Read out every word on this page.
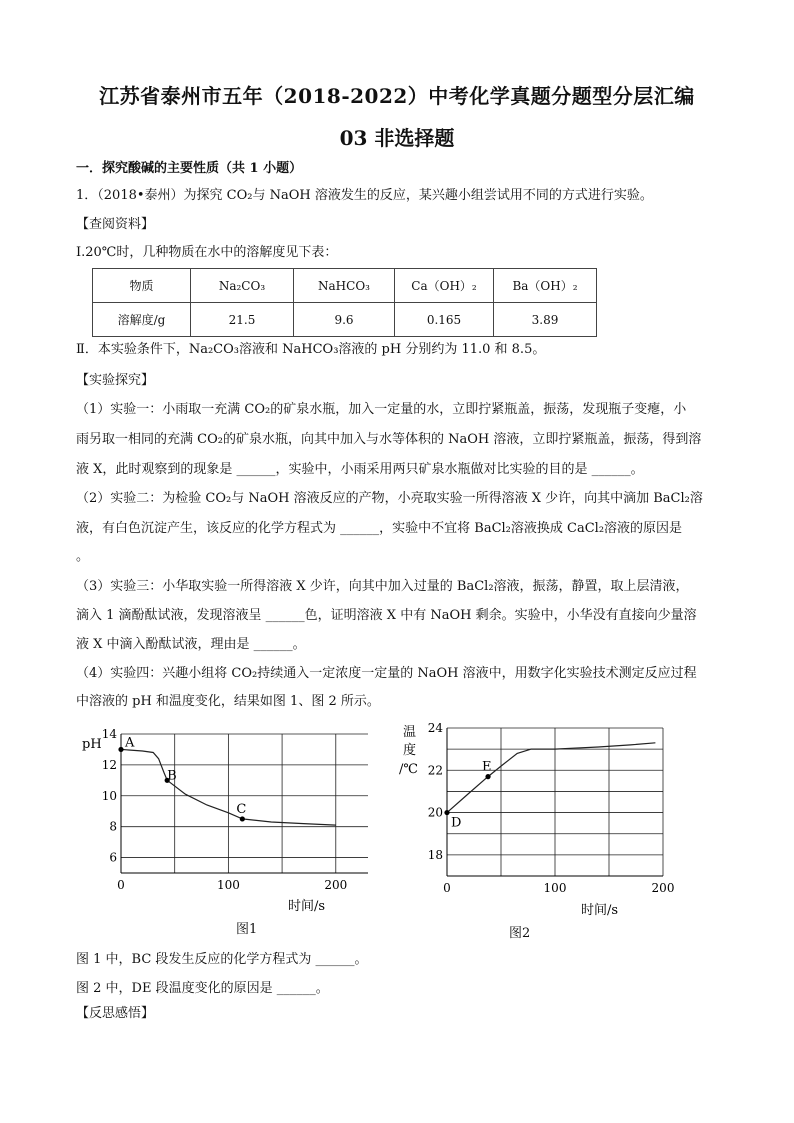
江苏省泰州市五年（2018-2022）中考化学真题分题型分层汇编
03 非选择题
一．探究酸碱的主要性质（共 1 小题）
1．（2018•泰州）为探究 CO₂与 NaOH 溶液发生的反应，某兴趣小组尝试用不同的方式进行实验。
【查阅资料】
Ⅰ.20℃时，几种物质在水中的溶解度见下表：
物质	Na₂CO₃	NaHCO₃	Ca（OH）₂	Ba（OH）₂
溶解度/g	21.5	9.6	0.165	3.89
Ⅱ．本实验条件下，Na₂CO₃溶液和 NaHCO₃溶液的 pH 分别约为 11.0 和 8.5。
【实验探究】
（1）实验一：小雨取一充满 CO₂的矿泉水瓶，加入一定量的水，立即拧紧瓶盖，振荡，发现瓶子变瘪，小
雨另取一相同的充满 CO₂的矿泉水瓶，向其中加入与水等体积的 NaOH 溶液，立即拧紧瓶盖，振荡，得到溶
液 X，此时观察到的现象是 ______，实验中，小雨采用两只矿泉水瓶做对比实验的目的是 ______。
（2）实验二：为检验 CO₂与 NaOH 溶液反应的产物，小亮取实验一所得溶液 X 少许，向其中滴加 BaCl₂溶
液，有白色沉淀产生，该反应的化学方程式为 ______，实验中不宜将 BaCl₂溶液换成 CaCl₂溶液的原因是
。
（3）实验三：小华取实验一所得溶液 X 少许，向其中加入过量的 BaCl₂溶液，振荡，静置，取上层清液，
滴入 1 滴酚酞试液，发现溶液呈 ______色，证明溶液 X 中有 NaOH 剩余。实验中，小华没有直接向少量溶
液 X 中滴入酚酞试液，理由是 ______。
（4）实验四：兴趣小组将 CO₂持续通入一定浓度一定量的 NaOH 溶液中，用数字化实验技术测定反应过程
中溶液的 pH 和温度变化，结果如图 1、图 2 所示。
0	100	200
6
8
10
12
14
A
B
C
pH
时间/s
图1
0	100	200
18
20
22
24
D
E
温
度
/℃
时间/s
图2
图 1 中，BC 段发生反应的化学方程式为 ______。
图 2 中，DE 段温度变化的原因是 ______。
【反思感悟】
